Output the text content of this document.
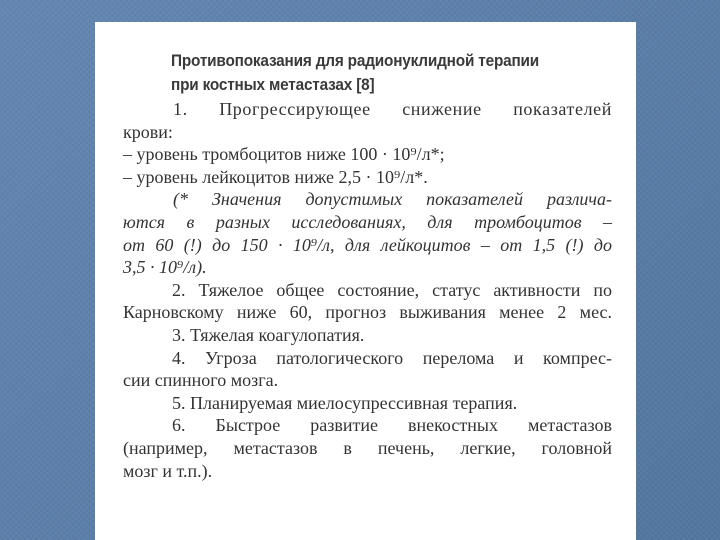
Противопоказания для радионуклидной терапии
при костных метастазах [8]
1. Прогрессирующее снижение показателей
крови:
– уровень тромбоцитов ниже 100 · 10⁹/л*;
– уровень лейкоцитов ниже 2,5 · 10⁹/л*.
(* Значения допустимых показателей различа-
ются в разных исследованиях, для тромбоцитов –
от 60 (!) до 150 · 10⁹/л, для лейкоцитов – от 1,5 (!) до
3,5 · 10⁹/л).
2. Тяжелое общее состояние, статус активности по
Карновскому ниже 60, прогноз выживания менее 2 мес.
3. Тяжелая коагулопатия.
4. Угроза патологического перелома и компрес-
сии спинного мозга.
5. Планируемая миелосупрессивная терапия.
6. Быстрое развитие внекостных метастазов
(например, метастазов в печень, легкие, головной
мозг и т.п.).
